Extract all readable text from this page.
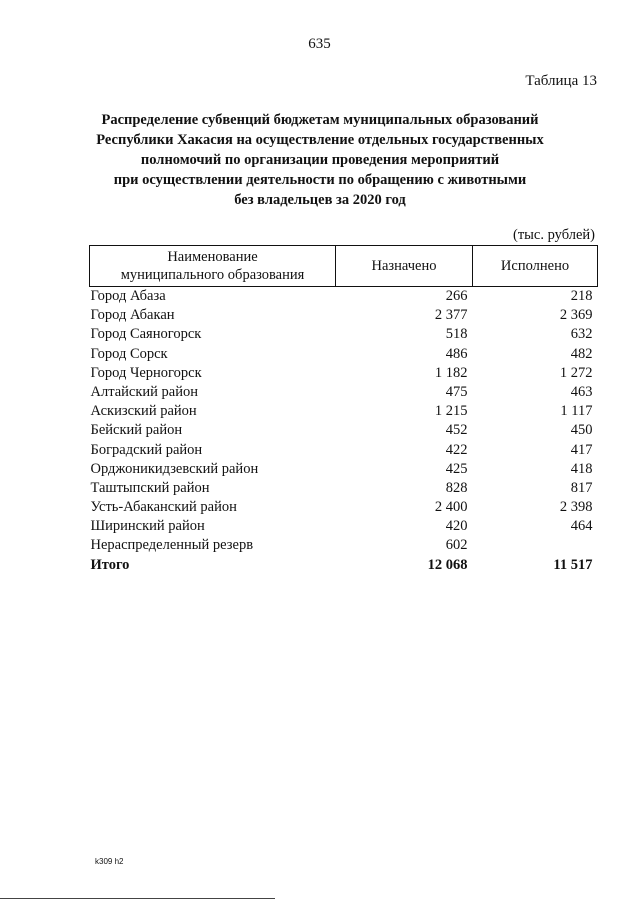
635
Таблица 13
Распределение субвенций бюджетам муниципальных образований
Республики Хакасия на осуществление отдельных государственных
полномочий по организации проведения мероприятий
при осуществлении деятельности по обращению с животными
без владельцев за 2020 год
(тыс. рублей)
Наименование
муниципального образования	Назначено	Исполнено
Город Абаза	266	218
Город Абакан	2 377	2 369
Город Саяногорск	518	632
Город Сорск	486	482
Город Черногорск	1 182	1 272
Алтайский район	475	463
Аскизский район	1 215	1 117
Бейский район	452	450
Боградский район	422	417
Орджоникидзевский район	425	418
Таштыпский район	828	817
Усть-Абаканский район	2 400	2 398
Ширинский район	420	464
Нераспределенный резерв	602	
Итого	12 068	11 517
k309 h2
